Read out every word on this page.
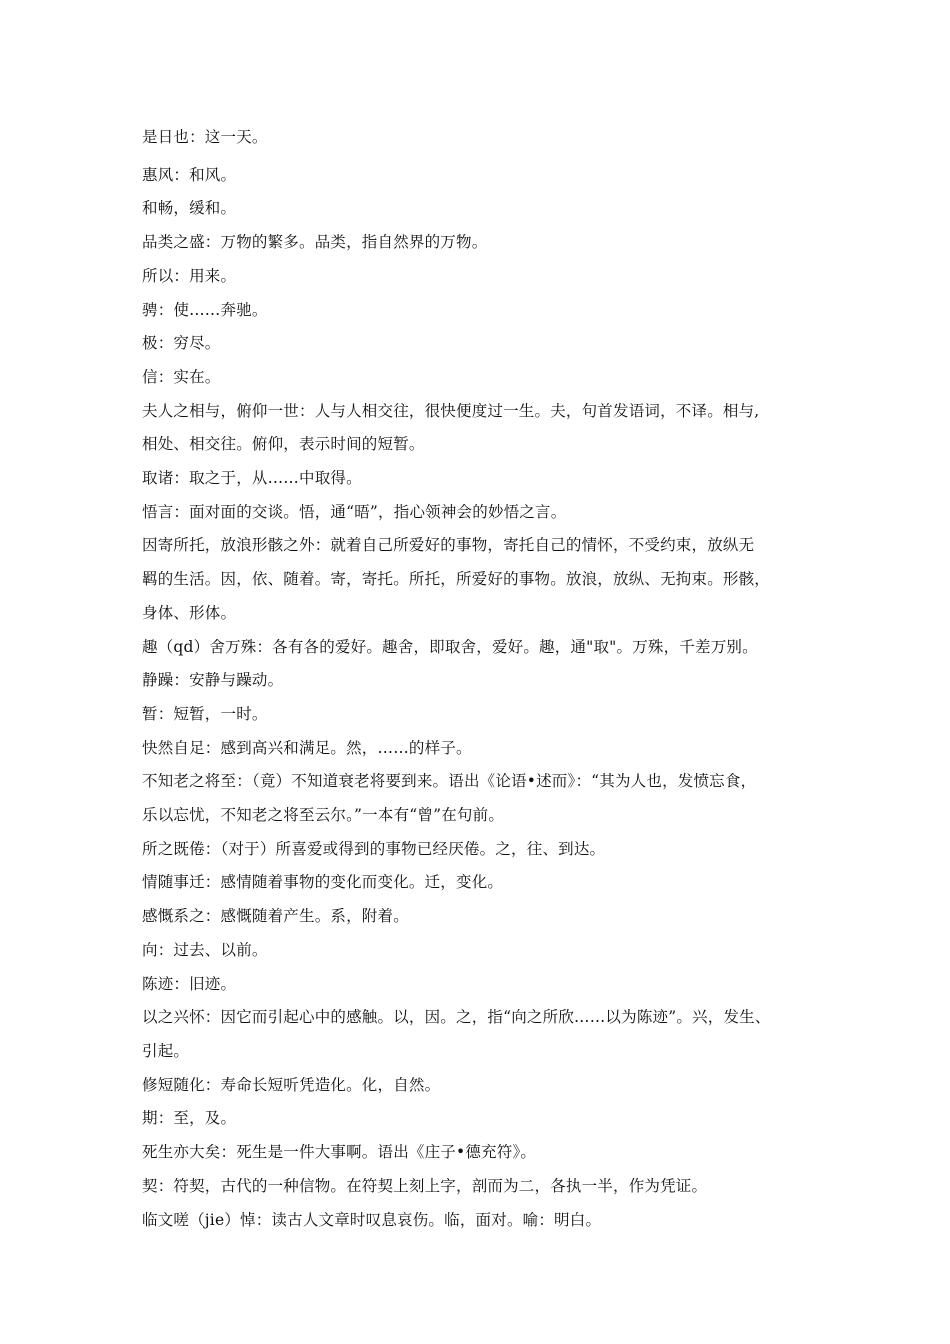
是日也：这一天。
惠风：和风。
和畅，缓和。
品类之盛：万物的繁多。品类，指自然界的万物。
所以：用来。
骋：使……奔驰。
极：穷尽。
信：实在。
夫人之相与，俯仰一世：人与人相交往，很快便度过一生。夫，句首发语词，不译。相与,
相处、相交往。俯仰，表示时间的短暂。
取诸：取之于，从……中取得。
悟言：面对面的交谈。悟，通“晤”，指心领神会的妙悟之言。
因寄所托，放浪形骸之外：就着自己所爱好的事物，寄托自己的情怀，不受约束，放纵无
羁的生活。因，依、随着。寄，寄托。所托，所爱好的事物。放浪，放纵、无拘束。形骸，
身体、形体。
趣（qd）舍万殊：各有各的爱好。趣舍，即取舍，爱好。趣，通"取"。万殊，千差万别。
静躁：安静与躁动。
暂：短暂，一时。
快然自足：感到高兴和满足。然，……的样子。
不知老之将至：（竟）不知道衰老将要到来。语出《论语•述而》：“其为人也，发愤忘食，
乐以忘忧，不知老之将至云尔。”一本有“曾”在句前。
所之既倦：（对于）所喜爱或得到的事物已经厌倦。之，往、到达。
情随事迁：感情随着事物的变化而变化。迁，变化。
感慨系之：感慨随着产生。系，附着。
向：过去、以前。
陈迹：旧迹。
以之兴怀：因它而引起心中的感触。以，因。之，指“向之所欣……以为陈迹”。兴，发生、
引起。
修短随化：寿命长短听凭造化。化，自然。
期：至，及。
死生亦大矣：死生是一件大事啊。语出《庄子•德充符》。
契：符契，古代的一种信物。在符契上刻上字，剖而为二，各执一半，作为凭证。
临文嗟（jie）悼：读古人文章时叹息哀伤。临，面对。喻：明白。
